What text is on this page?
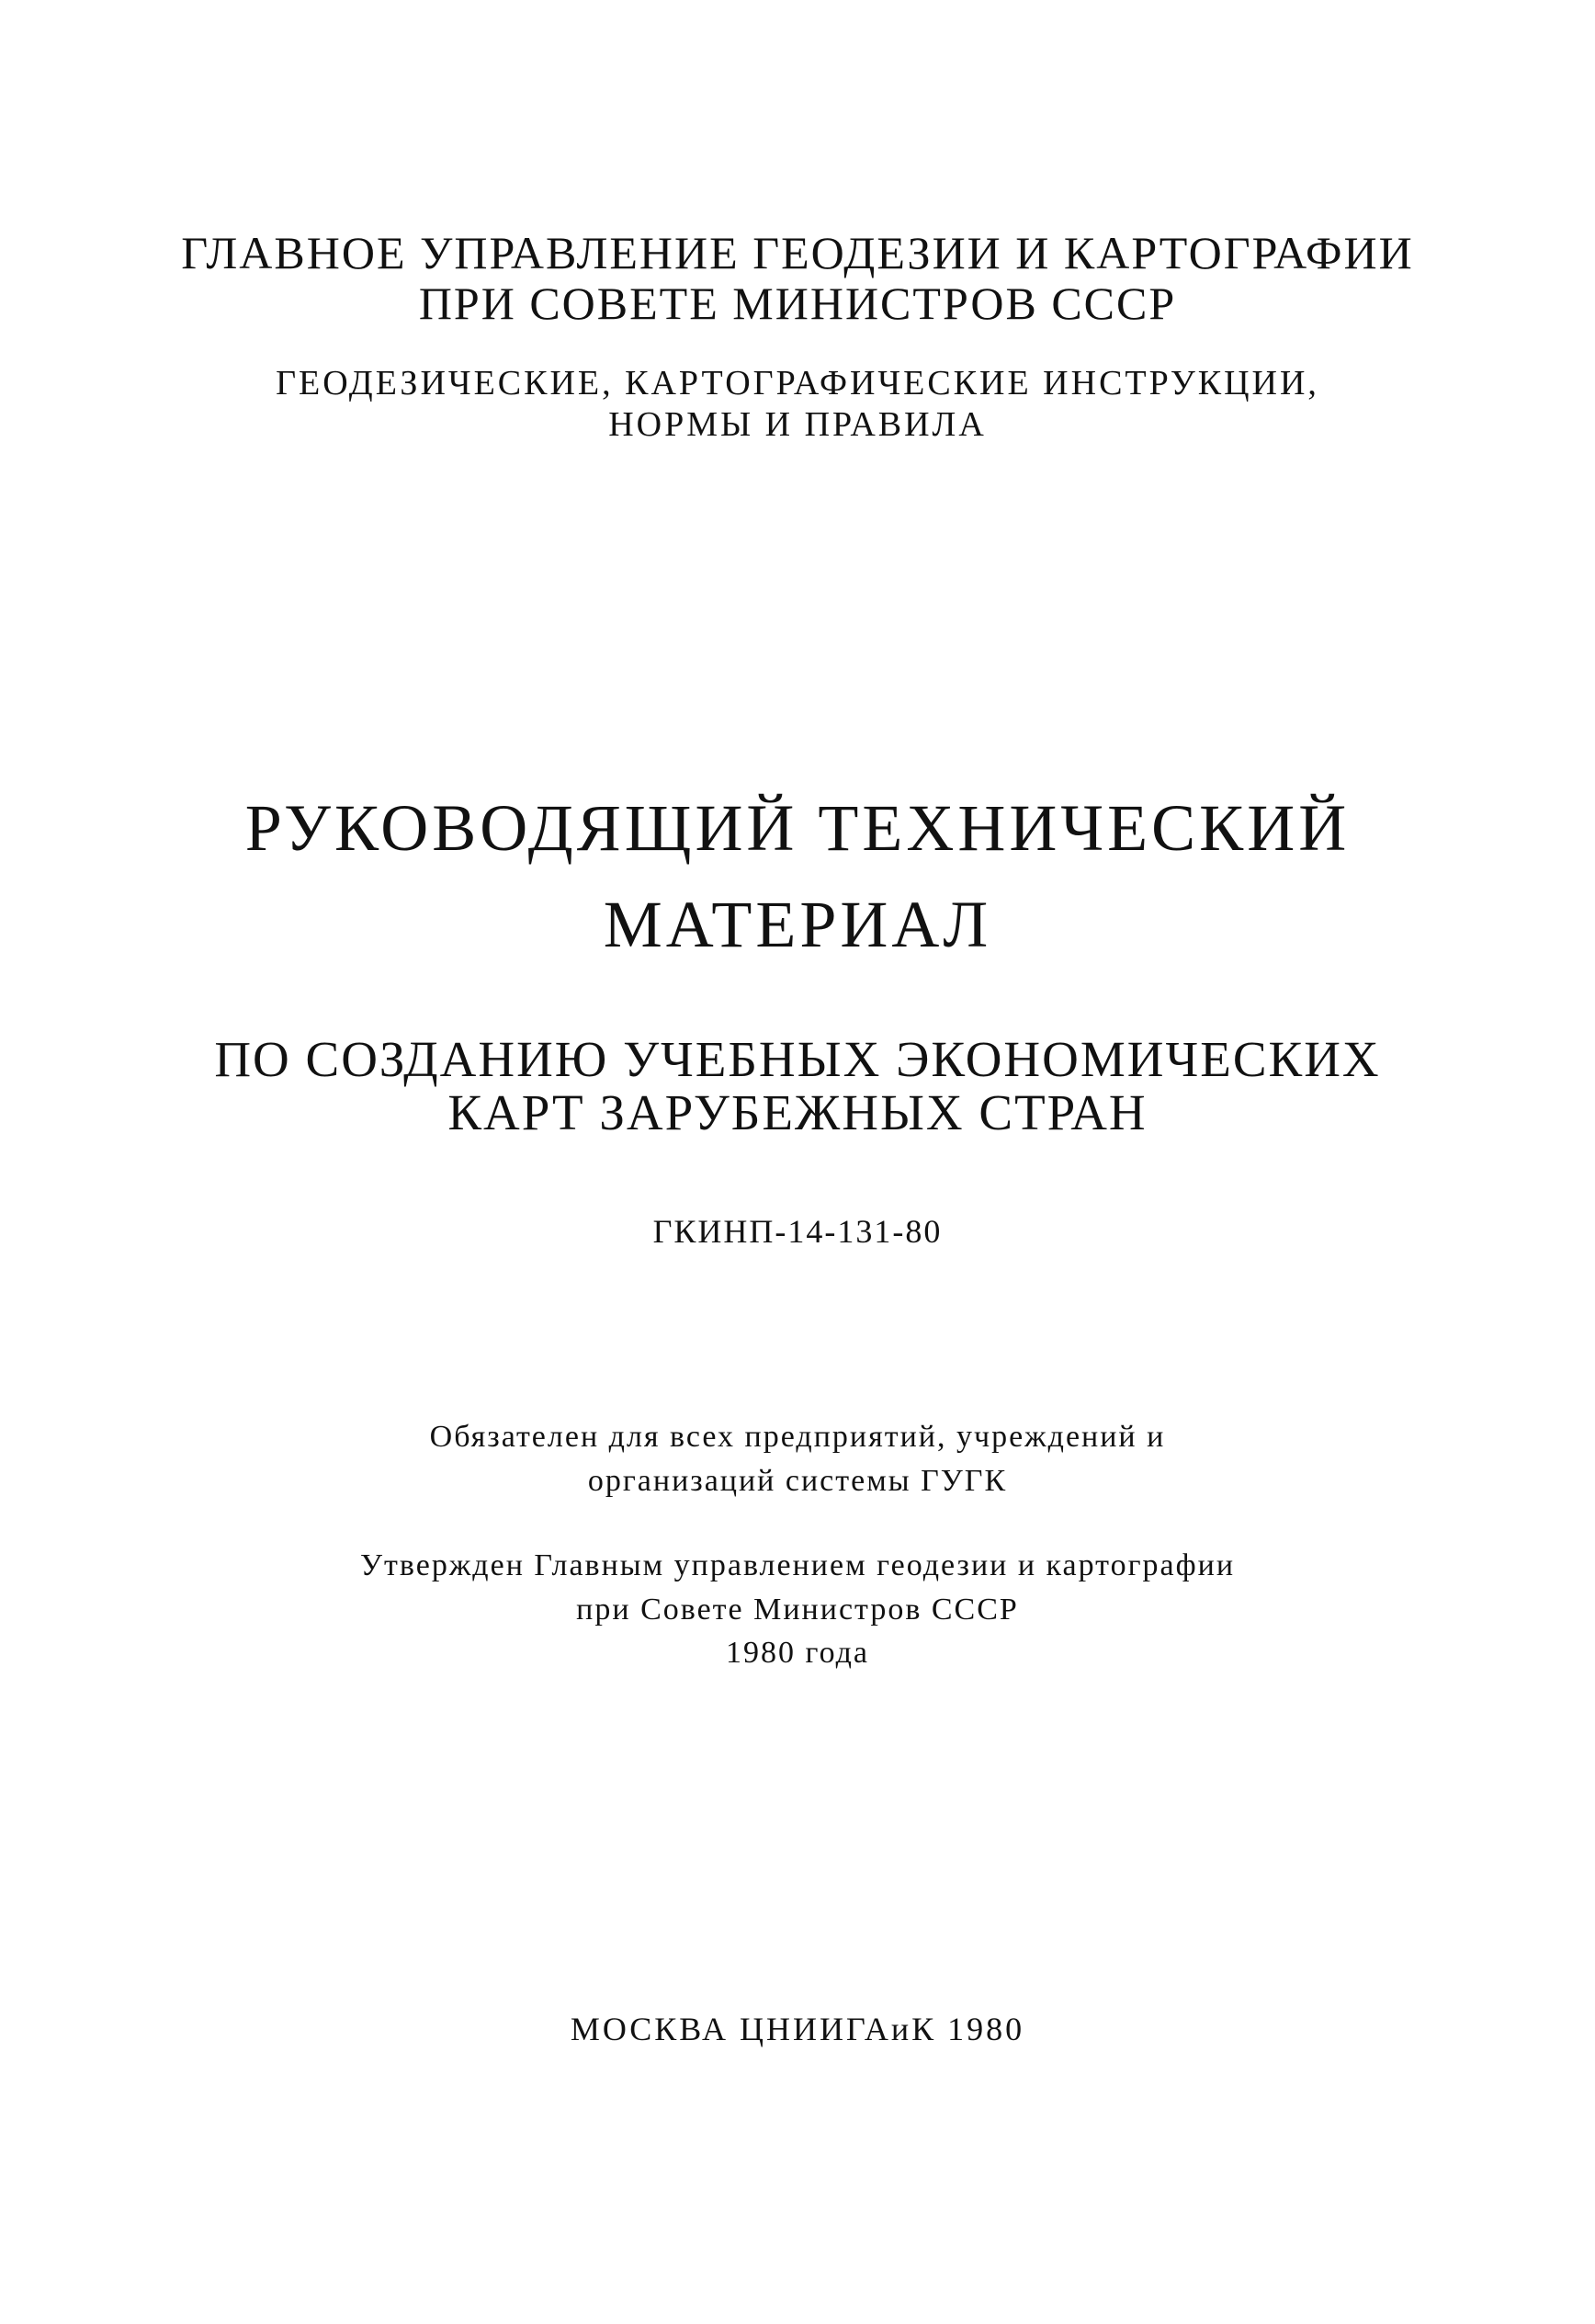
ГЛАВНОЕ УПРАВЛЕНИЕ ГЕОДЕЗИИ И КАРТОГРАФИИ
ПРИ СОВЕТЕ МИНИСТРОВ СССР
ГЕОДЕЗИЧЕСКИЕ, КАРТОГРАФИЧЕСКИЕ ИНСТРУКЦИИ,
НОРМЫ И ПРАВИЛА
РУКОВОДЯЩИЙ ТЕХНИЧЕСКИЙ
МАТЕРИАЛ
ПО СОЗДАНИЮ УЧЕБНЫХ ЭКОНОМИЧЕСКИХ
КАРТ ЗАРУБЕЖНЫХ СТРАН
ГКИНП-14-131-80
Обязателен для всех предприятий, учреждений и
организаций системы ГУГК
Утвержден Главным управлением геодезии и картографии
при Совете Министров СССР
1980 года
МОСКВА ЦНИИГАиК 1980
